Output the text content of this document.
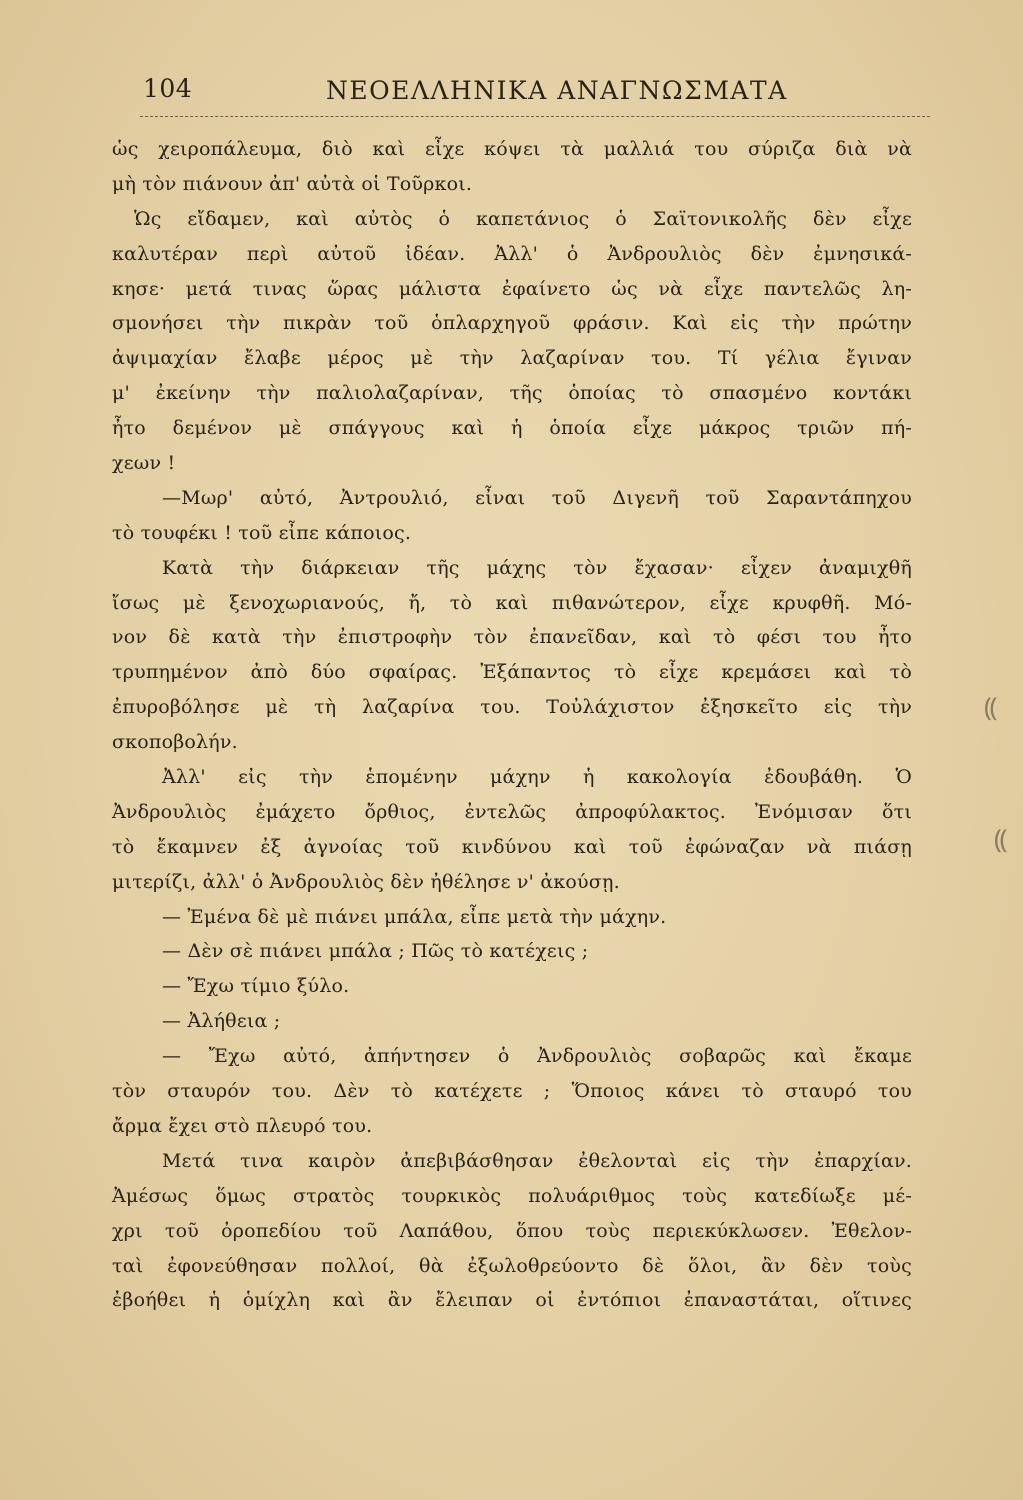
104	ΝΕΟΕΛΛΗΝΙΚΑ ΑΝΑΓΝΩΣΜΑΤΑ
ὡς χειροπάλευμα, διὸ καὶ εἶχε κόψει τὰ μαλλιά του σύριζα διὰ νὰ
μὴ τὸν πιάνουν ἀπ' αὐτὰ οἱ Τοῦρκοι.
Ὡς εἴδαμεν, καὶ αὐτὸς ὁ καπετάνιος ὁ Σαϊτονικολῆς δὲν εἶχε
καλυτέραν περὶ αὐτοῦ ἰδέαν. Ἀλλ' ὁ Ἀνδρουλιὸς δὲν ἐμνησικά-
κησε· μετά τινας ὥρας μάλιστα ἐφαίνετο ὡς νὰ εἶχε παντελῶς λη-
σμονήσει τὴν πικρὰν τοῦ ὁπλαρχηγοῦ φράσιν. Καὶ εἰς τὴν πρώτην
ἀψιμαχίαν ἔλαβε μέρος μὲ τὴν λαζαρίναν του. Τί γέλια ἔγιναν
μ' ἐκείνην τὴν παλιολαζαρίναν, τῆς ὁποίας τὸ σπασμένο κοντάκι
ἦτο δεμένον μὲ σπάγγους καὶ ἡ ὁποία εἶχε μάκρος τριῶν πή-
χεων !
—Μωρ' αὐτό, Ἀντρουλιό, εἶναι τοῦ Διγενῆ τοῦ Σαραντάπηχου
τὸ τουφέκι ! τοῦ εἶπε κάποιος.
Κατὰ τὴν διάρκειαν τῆς μάχης τὸν ἔχασαν· εἶχεν ἀναμιχθῆ
ἴσως μὲ ξενοχωριανούς, ἤ, τὸ καὶ πιθανώτερον, εἶχε κρυφθῆ. Μό-
νον δὲ κατὰ τὴν ἐπιστροφὴν τὸν ἐπανεῖδαν, καὶ τὸ φέσι του ἦτο
τρυπημένον ἀπὸ δύο σφαίρας. Ἐξάπαντος τὸ εἶχε κρεμάσει καὶ τὸ
ἐπυροβόλησε μὲ τὴ λαζαρίνα του. Τοὐλάχιστον ἐξησκεῖτο εἰς τὴν
σκοποβολήν.
Ἀλλ' εἰς τὴν ἑπομένην μάχην ἡ κακολογία ἐδουβάθη. Ὁ
Ἀνδρουλιὸς ἐμάχετο ὄρθιος, ἐντελῶς ἀπροφύλακτος. Ἐνόμισαν ὅτι
τὸ ἔκαμνεν ἐξ ἀγνοίας τοῦ κινδύνου καὶ τοῦ ἐφώναζαν νὰ πιάσῃ
μιτερίζι, ἀλλ' ὁ Ἀνδρουλιὸς δὲν ἠθέλησε ν' ἀκούσῃ.
— Ἐμένα δὲ μὲ πιάνει μπάλα, εἶπε μετὰ τὴν μάχην.
— Δὲν σὲ πιάνει μπάλα ; Πῶς τὸ κατέχεις ;
— Ἔχω τίμιο ξύλο.
— Ἀλήθεια ;
— Ἔχω αὐτό, ἀπήντησεν ὁ Ἀνδρουλιὸς σοβαρῶς καὶ ἔκαμε
τὸν σταυρόν του. Δὲν τὸ κατέχετε ; Ὅποιος κάνει τὸ σταυρό του
ἄρμα ἔχει στὸ πλευρό του.
Μετά τινα καιρὸν ἀπεβιβάσθησαν ἐθελονταὶ εἰς τὴν ἐπαρχίαν.
Ἀμέσως ὅμως στρατὸς τουρκικὸς πολυάριθμος τοὺς κατεδίωξε μέ-
χρι τοῦ ὀροπεδίου τοῦ Λαπάθου, ὅπου τοὺς περιεκύκλωσεν. Ἐθελον-
ταὶ ἐφονεύθησαν πολλοί, θὰ ἐξωλοθρεύοντο δὲ ὅλοι, ἂν δὲν τοὺς
ἐβοήθει ἡ ὁμίχλη καὶ ἂν ἔλειπαν οἱ ἐντόπιοι ἐπαναστάται, οἵτινες
⸨
⸨
